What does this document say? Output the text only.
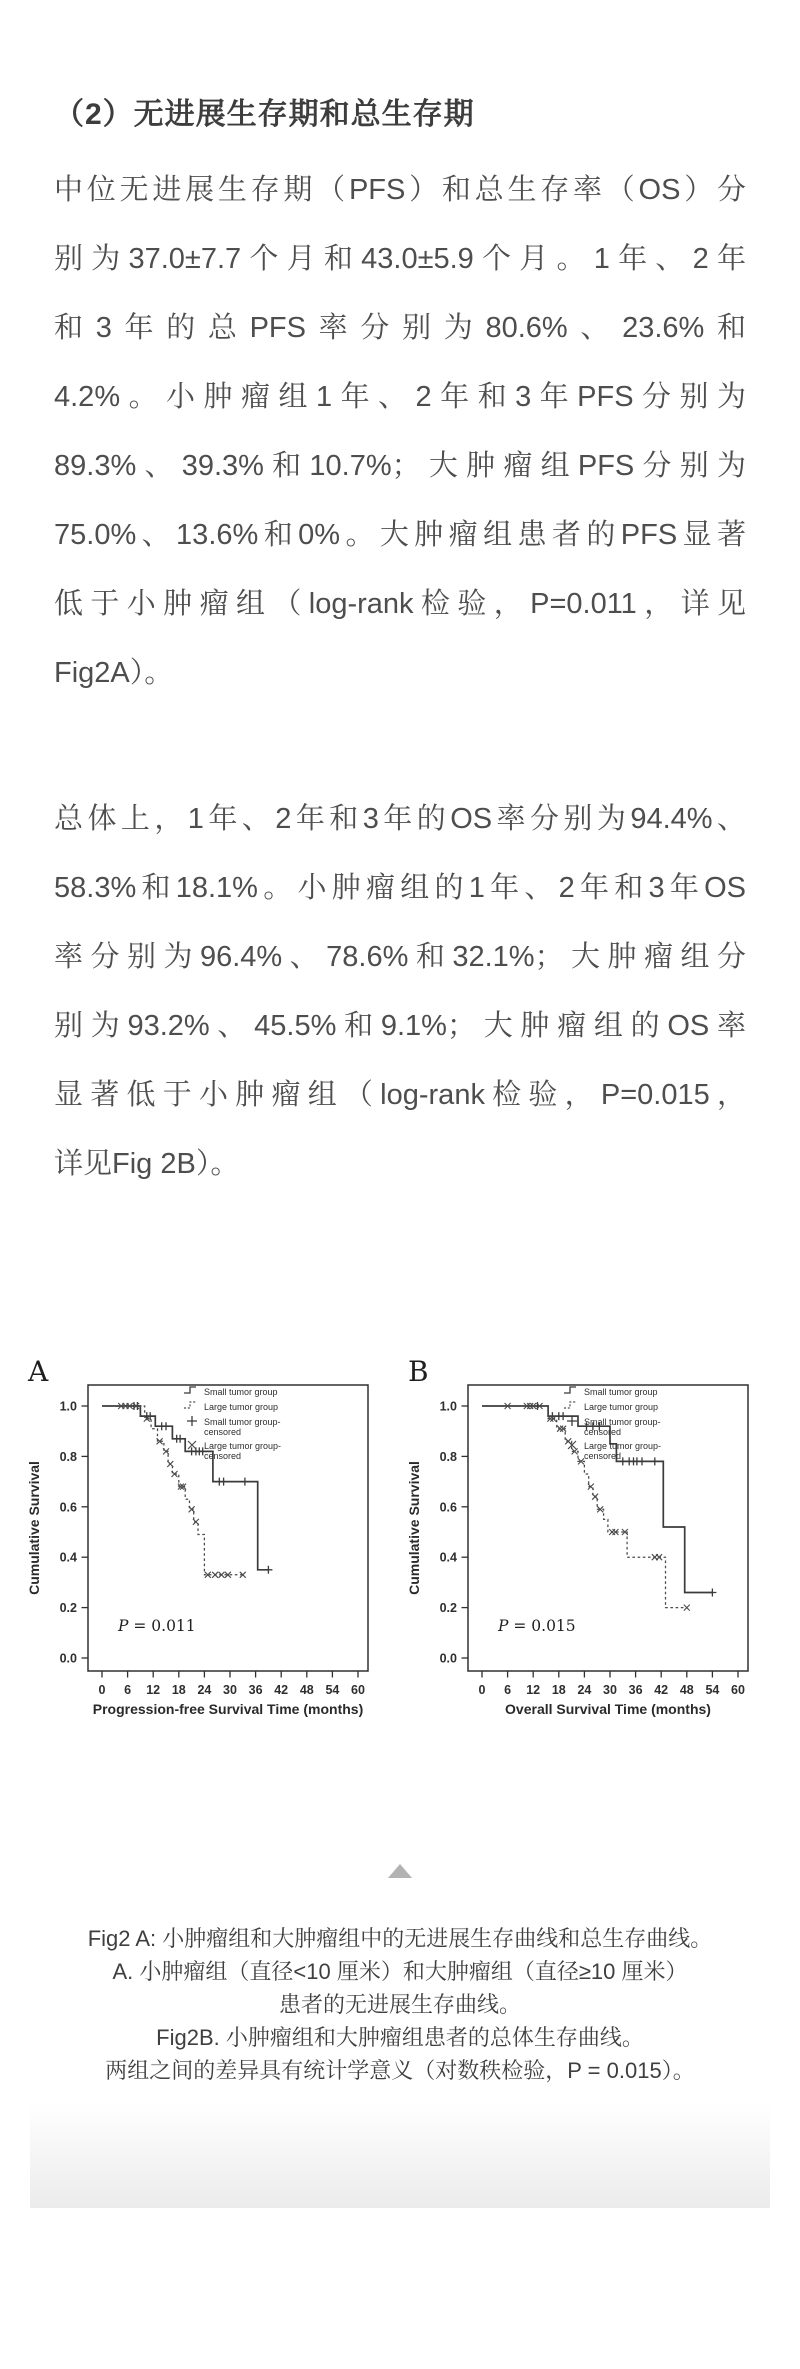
（2）无进展生存期和总生存期
中位无进展生存期（PFS）和总生存率（OS）分
别为37.0±7.7个月和43.0±5.9个月。1年、2年
和3年的总PFS率分别为80.6%、23.6%和
4.2%。小肿瘤组1年、2年和3年PFS分别为
89.3%、39.3%和10.7%；大肿瘤组PFS分别为
75.0%、13.6%和0%。大肿瘤组患者的PFS显著
低于小肿瘤组（log-rank检验，P=0.011，详见
Fig2A）。
总体上，1年、2年和3年的OS率分别为94.4%、
58.3%和18.1%。小肿瘤组的1年、2年和3年OS
率分别为96.4%、78.6%和32.1%；大肿瘤组分
别为93.2%、45.5%和9.1%；大肿瘤组的OS率
显著低于小肿瘤组（log-rank检验，P=0.015，
详见Fig 2B）。
A
0.0
0.2
0.4
0.6
0.8
1.0
0 6 12 18 24 30 36 42 48 54 60
Progression-free Survival Time (months)
Cumulative Survival
P = 0.011
Small tumor group
Large tumor group
Small tumor group-
censored
Large tumor group-
censored
B
0.0
0.2
0.4
0.6
0.8
1.0
0 6 12 18 24 30 36 42 48 54 60
Overall Survival Time (months)
Cumulative Survival
P = 0.015
Small tumor group
Large tumor group
Small tumor group-
censored
Large tumor group-
censored
Fig2 A: 小肿瘤组和大肿瘤组中的无进展生存曲线和总生存曲线。
A. 小肿瘤组（直径<10 厘米）和大肿瘤组（直径≥10 厘米）
患者的无进展生存曲线。
Fig2B. 小肿瘤组和大肿瘤组患者的总体生存曲线。
两组之间的差异具有统计学意义（对数秩检验，P = 0.015）。
